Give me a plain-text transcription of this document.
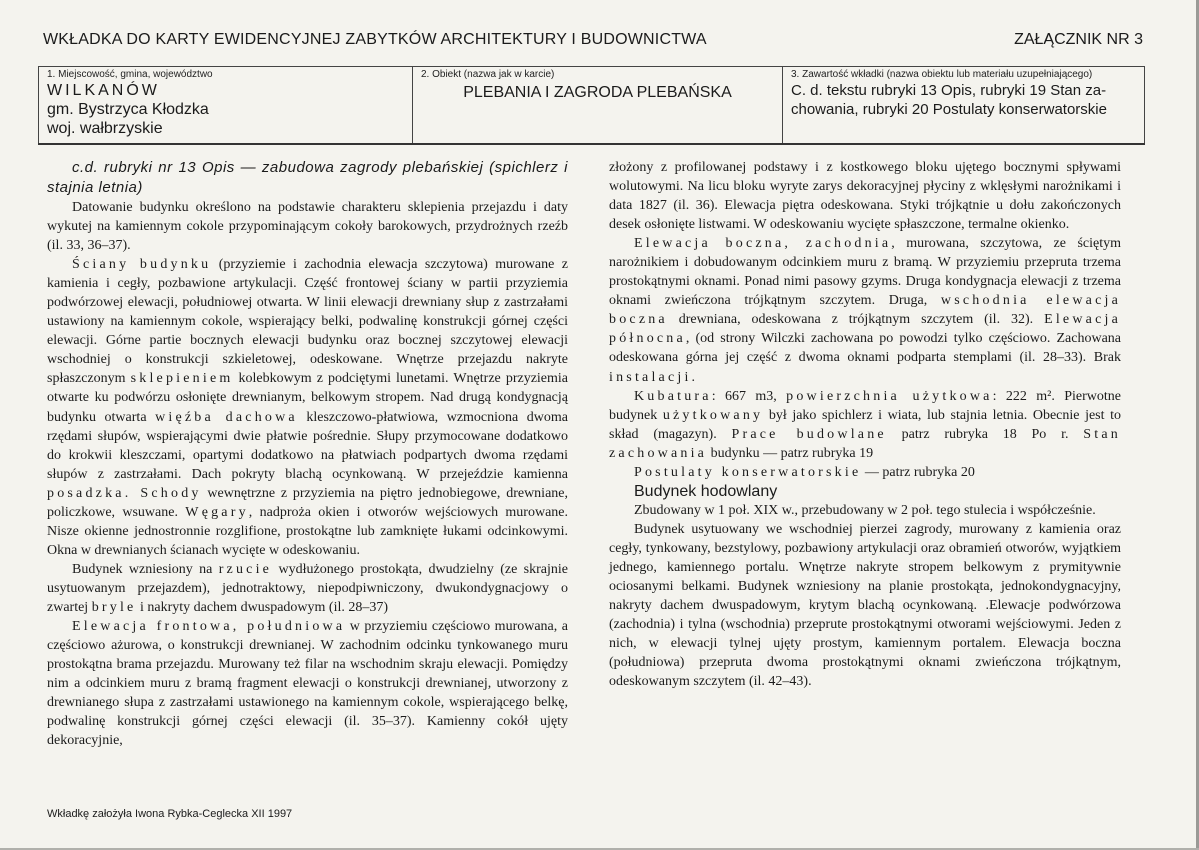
WKŁADKA DO KARTY EWIDENCYJNEJ ZABYTKÓW ARCHITEKTURY I BUDOWNICTWA	ZAŁĄCZNIK NR 3
1. Miejscowość, gmina, województwo
WILKANÓW
gm. Bystrzyca Kłodzka
woj. wałbrzyskie
2. Obiekt (nazwa jak w karcie)
PLEBANIA I ZAGRODA PLEBAŃSKA
3. Zawartość wkładki (nazwa obiektu lub materiału uzupełniającego)
C. d. tekstu rubryki 13 Opis, rubryki 19 Stan za-
chowania, rubryki 20 Postulaty konserwatorskie

c.d. rubryki nr 13 Opis — zabudowa zagrody plebańskiej (spichlerz i stajnia letnia)

Datowanie budynku określono na podstawie charakteru sklepienia przejazdu i daty wykutej na kamiennym cokole przypominającym cokoły barokowych, przydrożnych rzeźb (il. 33, 36–37).

Ściany budynku (przyziemie i zachodnia elewacja szczytowa) murowane z kamienia i cegły, pozbawione artykulacji. Część frontowej ściany w partii przyziemia podwórzowej elewacji, południowej otwarta. W linii elewacji drewniany słup z zastrzałami ustawiony na kamiennym cokole, wspierający belki, podwalinę konstrukcji górnej części elewacji. Górne partie bocznych elewacji budynku oraz bocznej szczytowej elewacji wschodniej o konstrukcji szkieletowej, odeskowane. Wnętrze przejazdu nakryte spłaszczonym sklepieniem kolebkowym z podciętymi lunetami. Wnętrze przyziemia otwarte ku podwórzu osłonięte drewnianym, belkowym stropem. Nad drugą kondygnacją budynku otwarta więźba dachowa kleszczowo-płatwiowa, wzmocniona dwoma rzędami słupów, wspierającymi dwie płatwie pośrednie. Słupy przymocowane dodatkowo do krokwii kleszczami, opartymi dodatkowo na płatwiach podpartych dwoma rzędami słupów z zastrzałami. Dach pokryty blachą ocynkowaną. W przejeździe kamienna posadzka. Schody wewnętrzne z przyziemia na piętro jednobiegowe, drewniane, policzkowe, wsuwane. Węgary, nadproża okien i otworów wejściowych murowane. Nisze okienne jednostronnie rozglifione, prostokątne lub zamknięte łukami odcinkowymi. Okna w drewnianych ścianach wycięte w odeskowaniu.

Budynek wzniesiony na rzucie wydłużonego prostokąta, dwudzielny (ze skrajnie usytuowanym przejazdem), jednotraktowy, niepodpiwniczony, dwukondygnacjowy o zwartej bryle i nakryty dachem dwuspadowym (il. 28–37)

Elewacja frontowa, południowa w przyziemiu częściowo murowana, a częściowo ażurowa, o konstrukcji drewnianej. W zachodnim odcinku tynkowanego muru prostokątna brama przejazdu. Murowany też filar na wschodnim skraju elewacji. Pomiędzy nim a odcinkiem muru z bramą fragment elewacji o konstrukcji drewnianej, utworzony z drewnianego słupa z zastrzałami ustawionego na kamiennym cokole, wspierającego belkę, podwalinę konstrukcji górnej części elewacji (il. 35–37). Kamienny cokół ujęty dekoracyjnie,

złożony z profilowanej podstawy i z kostkowego bloku ujętego bocznymi spływami wolutowymi. Na licu bloku wyryte zarys dekoracyjnej płyciny z wklęsłymi narożnikami i data 1827 (il. 36). Elewacja piętra odeskowana. Styki trójkątnie u dołu zakończonych desek osłonięte listwami. W odeskowaniu wycięte spłaszczone, termalne okienko.

Elewacja boczna, zachodnia, murowana, szczytowa, ze ściętym narożnikiem i dobudowanym odcinkiem muru z bramą. W przyziemiu przepruta trzema prostokątnymi oknami. Ponad nimi pasowy gzyms. Druga kondygnacja elewacji z trzema oknami zwieńczona trójkątnym szczytem. Druga, wschodnia elewacja boczna drewniana, odeskowana z trójkątnym szczytem (il. 32). Elewacja północna, (od strony Wilczki zachowana po powodzi tylko częściowo. Zachowana odeskowana górna jej część z dwoma oknami podparta stemplami (il. 28–33). Brak instalacji.

Kubatura: 667 m3, powierzchnia użytkowa: 222 m². Pierwotne budynek użytkowany był jako spichlerz i wiata, lub stajnia letnia. Obecnie jest to skład (magazyn). Prace budowlane patrz rubryka 18 Po r. Stan zachowania budynku — patrz rubryka 19

Postulaty konserwatorskie — patrz rubryka 20

Budynek hodowlany

Zbudowany w 1 poł. XIX w., przebudowany w 2 poł. tego stulecia i współcześnie.

Budynek usytuowany we wschodniej pierzei zagrody, murowany z kamienia oraz cegły, tynkowany, bezstylowy, pozbawiony artykulacji oraz obramień otworów, wyjątkiem jednego, kamiennego portalu. Wnętrze nakryte stropem belkowym z prymitywnie ociosanymi belkami. Budynek wzniesiony na planie prostokąta, jednokondygnacyjny, nakryty dachem dwuspadowym, krytym blachą ocynkowaną. .Elewacje podwórzowa (zachodnia) i tylna (wschodnia) przeprute prostokątnymi otworami wejściowymi. Jeden z nich, w elewacji tylnej ujęty prostym, kamiennym portalem. Elewacja boczna (południowa) przepruta dwoma prostokątnymi oknami zwieńczona trójkątnym, odeskowanym szczytem (il. 42–43).

Wkładkę założyła Iwona Rybka-Ceglecka XII 1997
